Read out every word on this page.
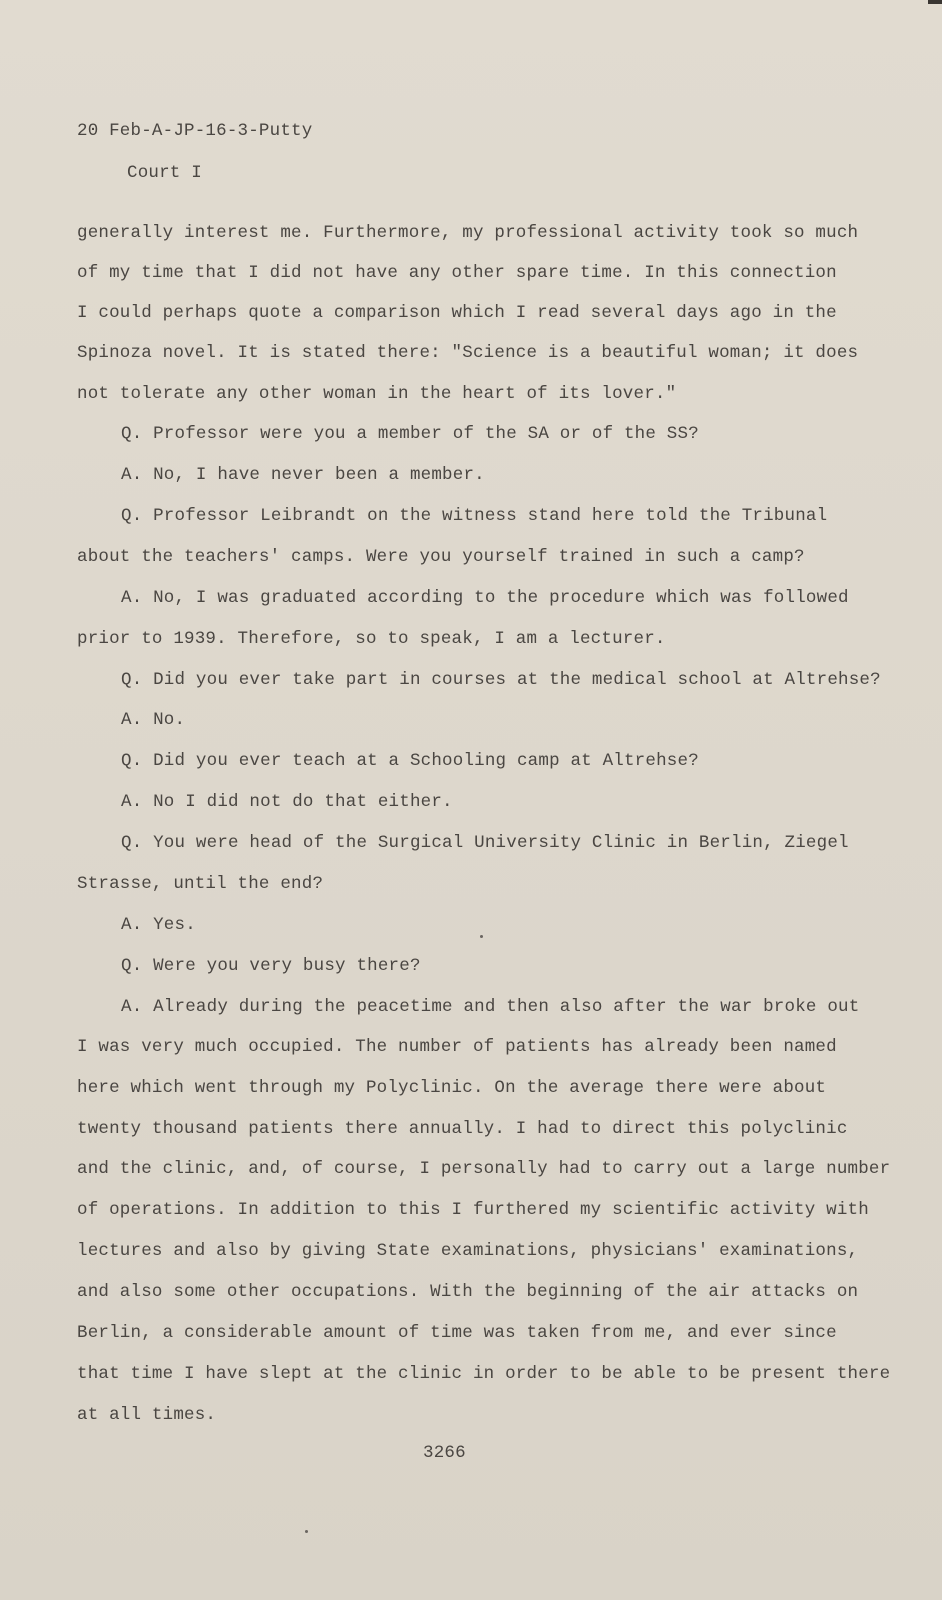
20 Feb-A-JP-16-3-Putty
Court I
generally interest me. Furthermore, my professional activity took so much
of my time that I did not have any other spare time. In this connection
I could perhaps quote a comparison which I read several days ago in the
Spinoza novel. It is stated there: "Science is a beautiful woman; it does
not tolerate any other woman in the heart of its lover."
Q. Professor were you a member of the SA or of the SS?
A. No, I have never been a member.
Q. Professor Leibrandt on the witness stand here told the Tribunal
about the teachers' camps. Were you yourself trained in such a camp?
A. No, I was graduated according to the procedure which was followed
prior to 1939. Therefore, so to speak, I am a lecturer.
Q. Did you ever take part in courses at the medical school at Altrehse?
A. No.
Q. Did you ever teach at a Schooling camp at Altrehse?
A. No I did not do that either.
Q. You were head of the Surgical University Clinic in Berlin, Ziegel
Strasse, until the end?
A. Yes.
Q. Were you very busy there?
A. Already during the peacetime and then also after the war broke out
I was very much occupied. The number of patients has already been named
here which went through my Polyclinic. On the average there were about
twenty thousand patients there annually. I had to direct this polyclinic
and the clinic, and, of course, I personally had to carry out a large number
of operations. In addition to this I furthered my scientific activity with
lectures and also by giving State examinations, physicians' examinations,
and also some other occupations. With the beginning of the air attacks on
Berlin, a considerable amount of time was taken from me, and ever since
that time I have slept at the clinic in order to be able to be present there
at all times.
3266
